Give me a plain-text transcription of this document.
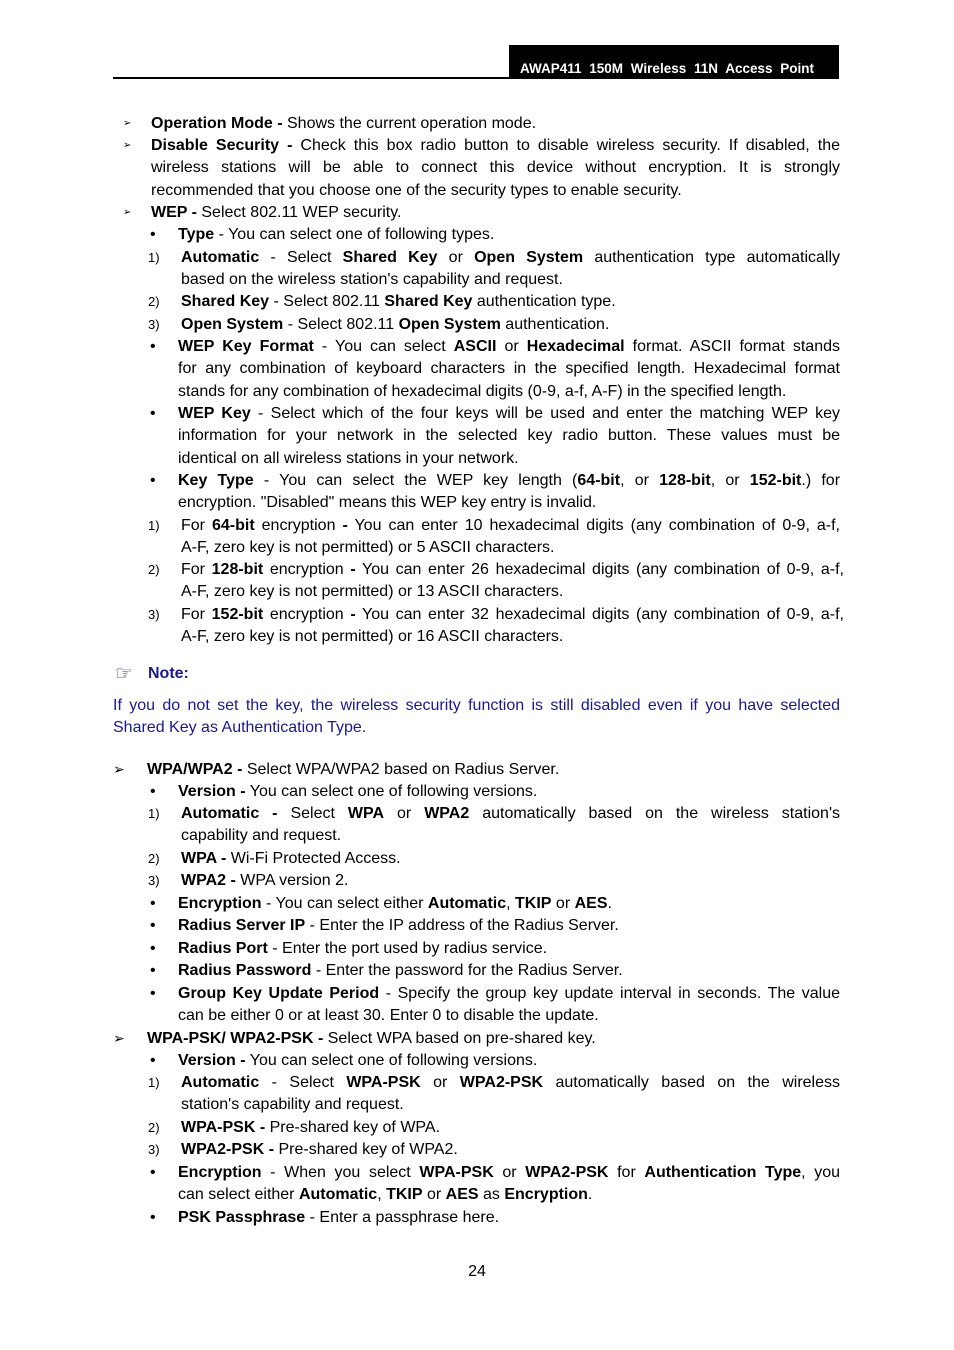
AWAP411 150M Wireless 11N Access Point
☞ Note:
➢ Operation Mode - Shows the current operation mode.
➢ Disable Security - Check this box radio button to disable wireless security. If disabled, the
wireless stations will be able to connect this device without encryption. It is strongly
recommended that you choose one of the security types to enable security.
➢ WEP - Select 802.11 WEP security.
• Type - You can select one of following types.
1) Automatic - Select Shared Key or Open System authentication type automatically
based on the wireless station's capability and request.
2) Shared Key - Select 802.11 Shared Key authentication type.
3) Open System - Select 802.11 Open System authentication.
• WEP Key Format - You can select ASCII or Hexadecimal format. ASCII format stands
for any combination of keyboard characters in the specified length. Hexadecimal format
stands for any combination of hexadecimal digits (0-9, a-f, A-F) in the specified length.
• WEP Key - Select which of the four keys will be used and enter the matching WEP key
information for your network in the selected key radio button. These values must be
identical on all wireless stations in your network.
• Key Type - You can select the WEP key length (64-bit, or 128-bit, or 152-bit.) for
encryption. "Disabled" means this WEP key entry is invalid.
1) For 64-bit encryption - You can enter 10 hexadecimal digits (any combination of 0-9, a-f,
A-F, zero key is not permitted) or 5 ASCII characters.
2) For 128-bit encryption - You can enter 26 hexadecimal digits (any combination of 0-9, a-f,
A-F, zero key is not permitted) or 13 ASCII characters.
3) For 152-bit encryption - You can enter 32 hexadecimal digits (any combination of 0-9, a-f,
A-F, zero key is not permitted) or 16 ASCII characters.
If you do not set the key, the wireless security function is still disabled even if you have selected
Shared Key as Authentication Type.
➢ WPA/WPA2 - Select WPA/WPA2 based on Radius Server.
• Version - You can select one of following versions.
1) Automatic - Select WPA or WPA2 automatically based on the wireless station's
capability and request.
2) WPA - Wi-Fi Protected Access.
3) WPA2 - WPA version 2.
• Encryption - You can select either Automatic, TKIP or AES.
• Radius Server IP - Enter the IP address of the Radius Server.
• Radius Port - Enter the port used by radius service.
• Radius Password - Enter the password for the Radius Server.
• Group Key Update Period - Specify the group key update interval in seconds. The value
can be either 0 or at least 30. Enter 0 to disable the update.
➢ WPA-PSK/ WPA2-PSK - Select WPA based on pre-shared key.
• Version - You can select one of following versions.
1) Automatic - Select WPA-PSK or WPA2-PSK automatically based on the wireless
station's capability and request.
2) WPA-PSK - Pre-shared key of WPA.
3) WPA2-PSK - Pre-shared key of WPA2.
• Encryption - When you select WPA-PSK or WPA2-PSK for Authentication Type, you
can select either Automatic, TKIP or AES as Encryption.
• PSK Passphrase - Enter a passphrase here.
24
